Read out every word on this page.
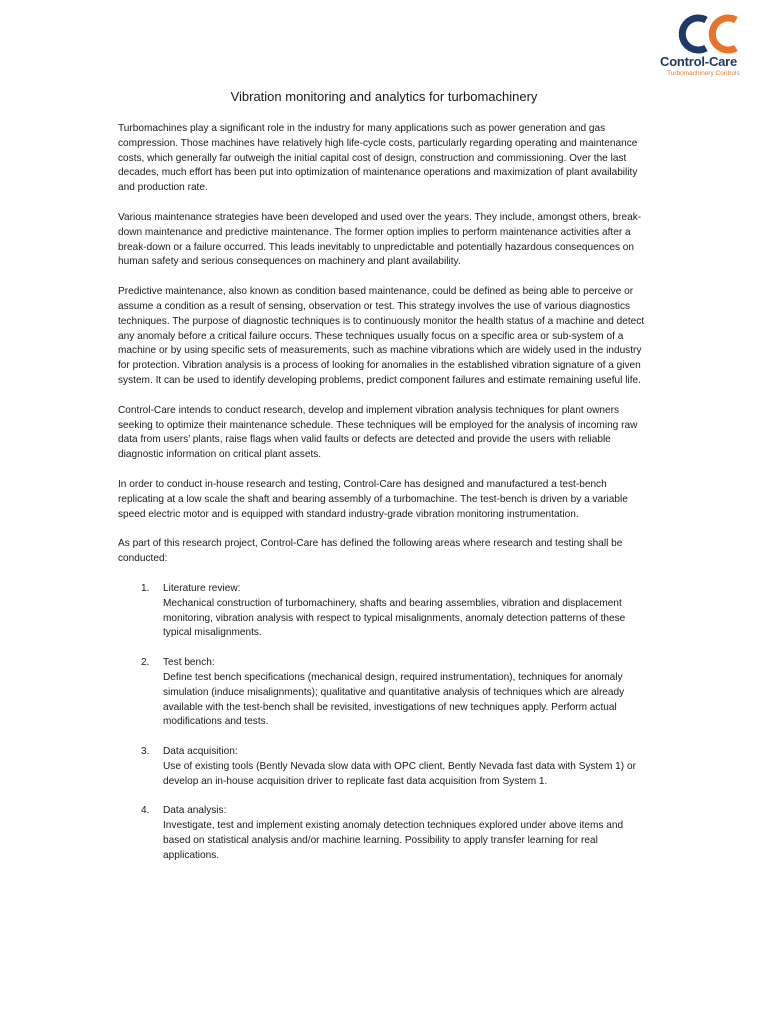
Control-Care
Turbomachinery Controls
Vibration monitoring and analytics for turbomachinery

Turbomachines play a significant role in the industry for many applications such as power generation and gas compression. Those machines have relatively high life-cycle costs, particularly regarding operating and maintenance costs, which generally far outweigh the initial capital cost of design, construction and commissioning. Over the last decades, much effort has been put into optimization of maintenance operations and maximization of plant availability and production rate.

Various maintenance strategies have been developed and used over the years. They include, amongst others, break-down maintenance and predictive maintenance. The former option implies to perform maintenance activities after a break-down or a failure occurred. This leads inevitably to unpredictable and potentially hazardous consequences on human safety and serious consequences on machinery and plant availability.

Predictive maintenance, also known as condition based maintenance, could be defined as being able to perceive or assume a condition as a result of sensing, observation or test. This strategy involves the use of various diagnostics techniques. The purpose of diagnostic techniques is to continuously monitor the health status of a machine and detect any anomaly before a critical failure occurs. These techniques usually focus on a specific area or sub-system of a machine or by using specific sets of measurements, such as machine vibrations which are widely used in the industry for protection. Vibration analysis is a process of looking for anomalies in the established vibration signature of a given system. It can be used to identify developing problems, predict component failures and estimate remaining useful life.

Control-Care intends to conduct research, develop and implement vibration analysis techniques for plant owners seeking to optimize their maintenance schedule. These techniques will be employed for the analysis of incoming raw data from users’ plants, raise flags when valid faults or defects are detected and provide the users with reliable diagnostic information on critical plant assets.

In order to conduct in-house research and testing, Control-Care has designed and manufactured a test-bench replicating at a low scale the shaft and bearing assembly of a turbomachine. The test-bench is driven by a variable speed electric motor and is equipped with standard industry-grade vibration monitoring instrumentation.

As part of this research project, Control-Care has defined the following areas where research and testing shall be conducted:

1. Literature review:
Mechanical construction of turbomachinery, shafts and bearing assemblies, vibration and displacement monitoring, vibration analysis with respect to typical misalignments, anomaly detection patterns of these typical misalignments.
2. Test bench:
Define test bench specifications (mechanical design, required instrumentation), techniques for anomaly simulation (induce misalignments); qualitative and quantitative analysis of techniques which are already available with the test-bench shall be revisited, investigations of new techniques apply. Perform actual modifications and tests.
3. Data acquisition:
Use of existing tools (Bently Nevada slow data with OPC client, Bently Nevada fast data with System 1) or develop an in-house acquisition driver to replicate fast data acquisition from System 1.
4. Data analysis:
Investigate, test and implement existing anomaly detection techniques explored under above items and based on statistical analysis and/or machine learning. Possibility to apply transfer learning for real applications.
